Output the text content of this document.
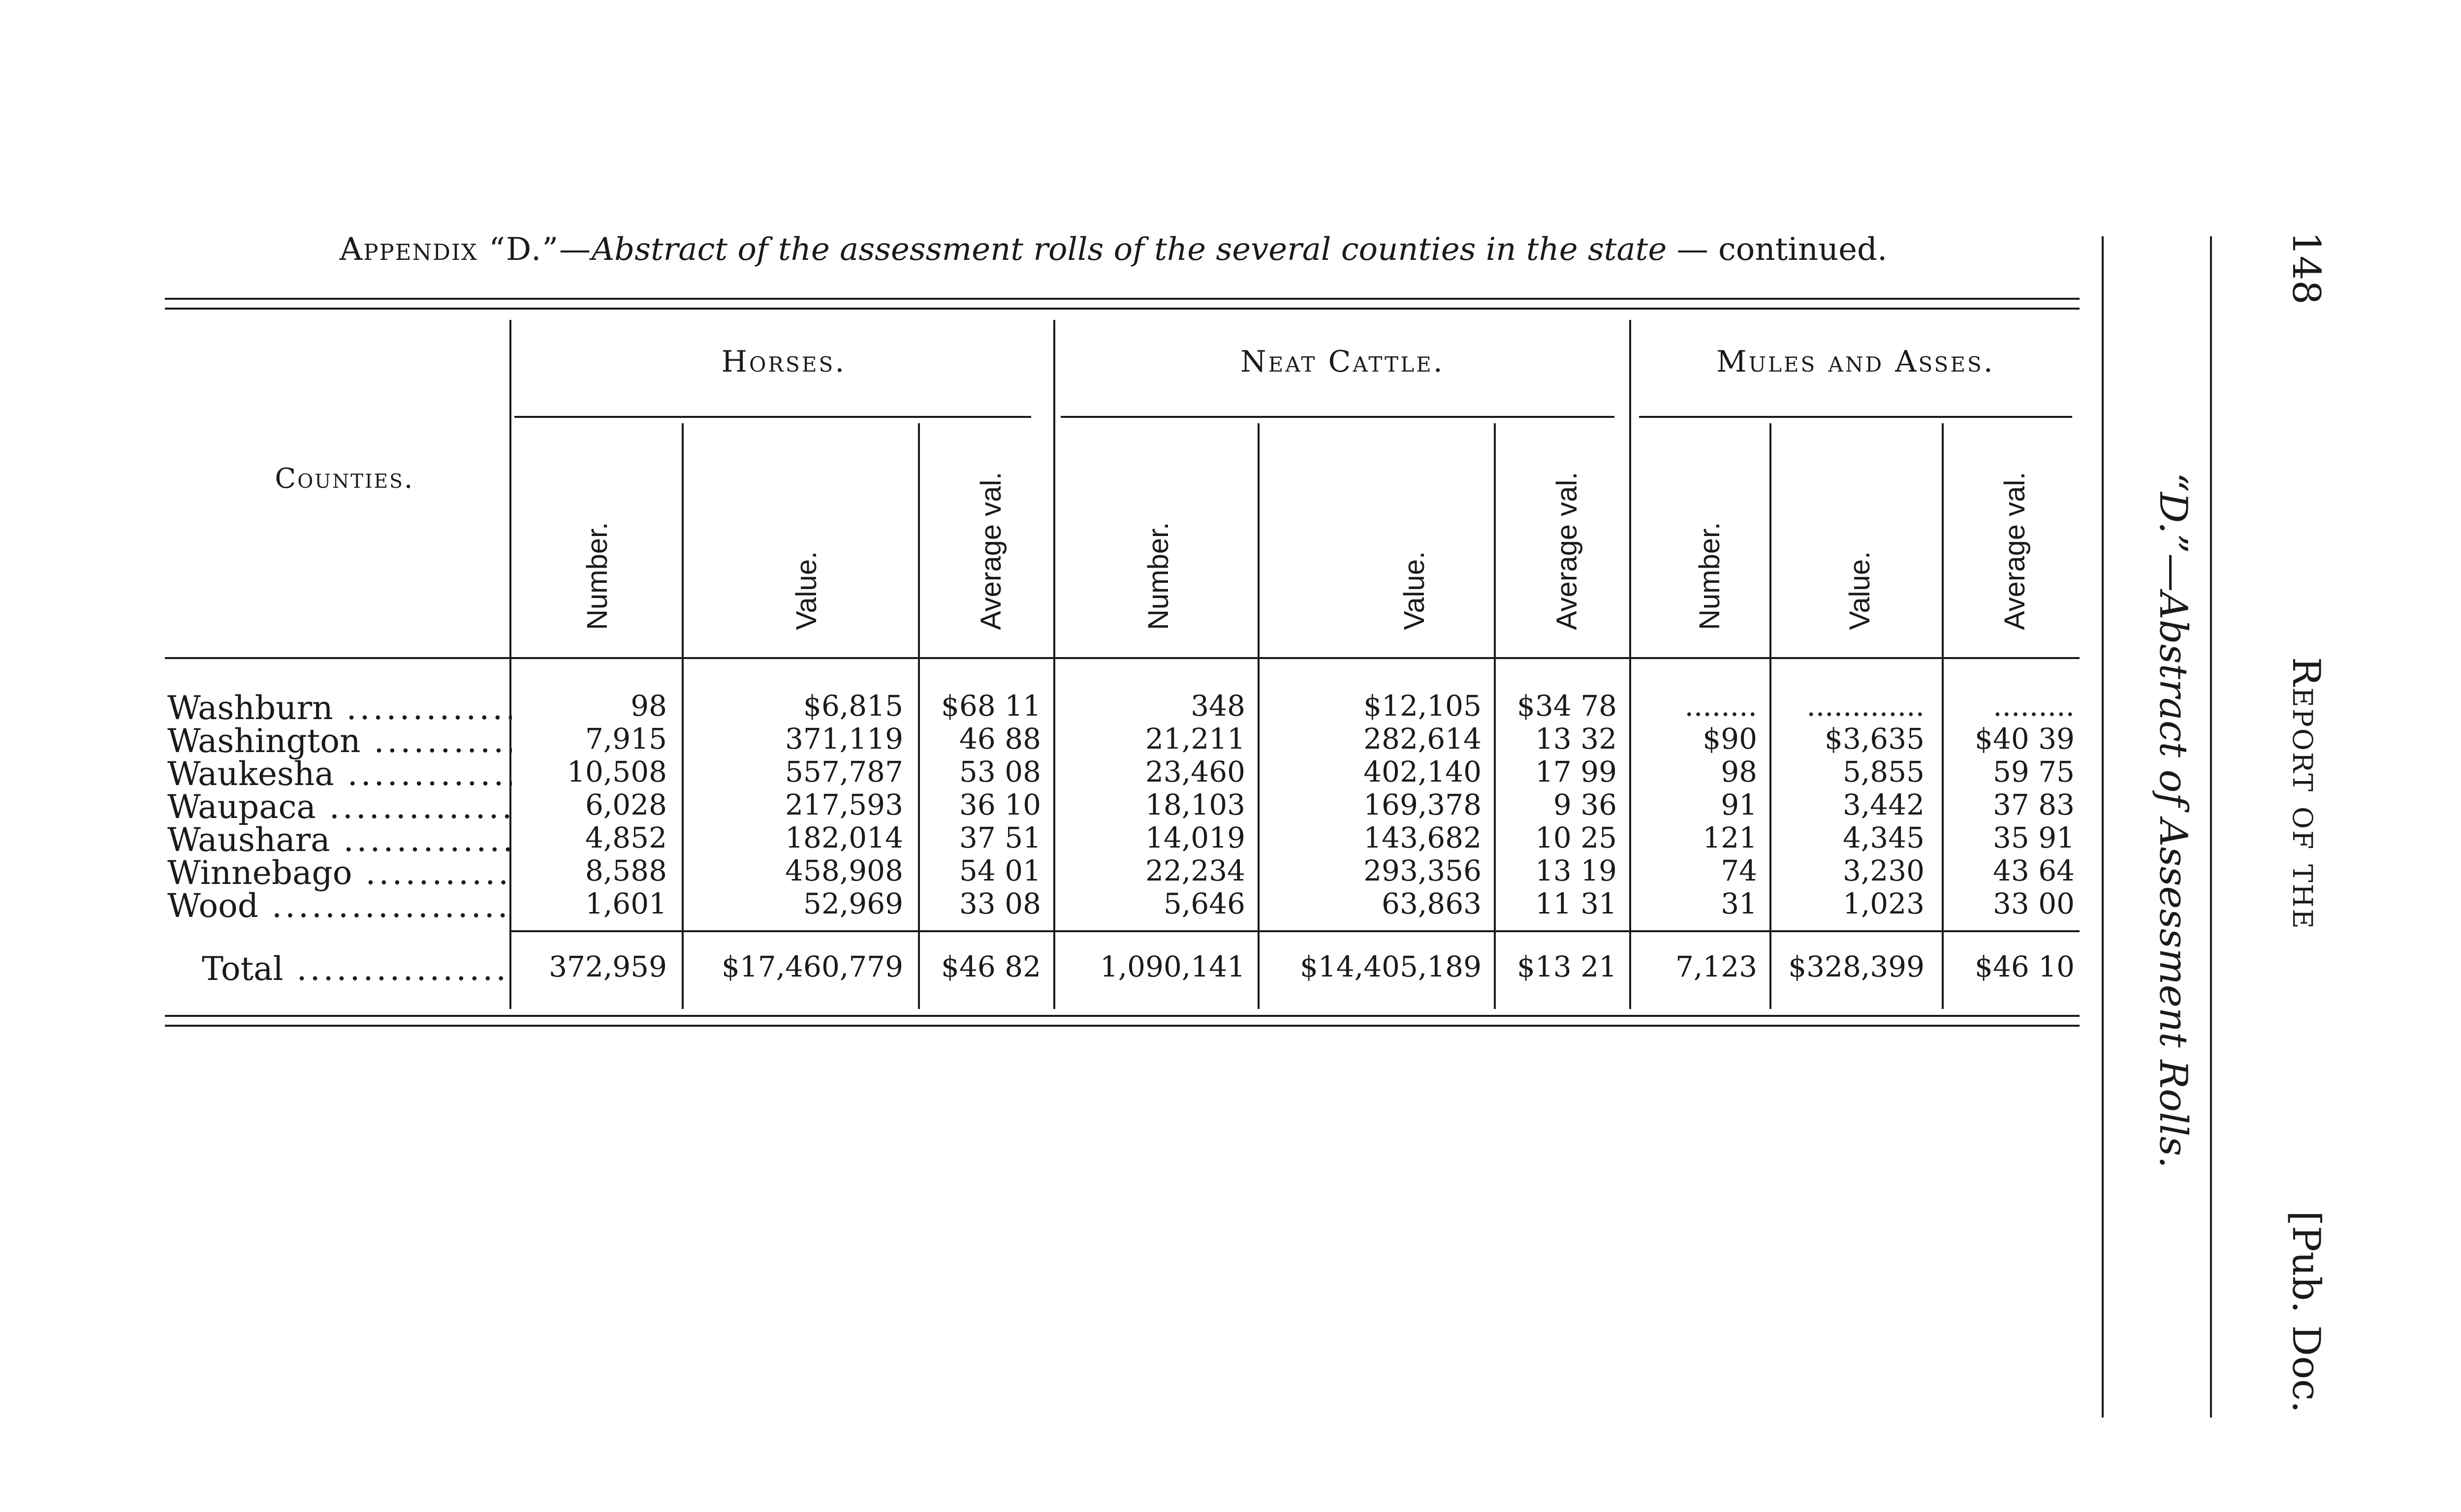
Appendix “D.”—Abstract of the assessment rolls of the several counties in the state — continued.
Horses.	Neat Cattle.	Mules and Asses.
Counties.
Number.	Value.	Average val.	Number.	Value.	Average val.	Number.	Value.	Average val.
Washburn .....	98	$6,815	$68 11	348	$12,105	$34 78	........	.............	.........
Washington .....	7,915	371,119	46 88	21,211	282,614	13 32	$90	$3,635	$40 39
Waukesha .....	10,508	557,787	53 08	23,460	402,140	17 99	98	5,855	59 75
Waupaca .....	6,028	217,593	36 10	18,103	169,378	9 36	91	3,442	37 83
Waushara .....	4,852	182,014	37 51	14,019	143,682	10 25	121	4,345	35 91
Winnebago .....	8,588	458,908	54 01	22,234	293,356	13 19	74	3,230	43 64
Wood .....	1,601	52,969	33 08	5,646	63,863	11 31	31	1,023	33 00
Total .....	372,959	$17,460,779	$46 82	1,090,141	$14,405,189	$13 21	7,123	$328,399	$46 10
148
Report of the
[Pub. Doc.
“D.”—Abstract of Assessment Rolls.
